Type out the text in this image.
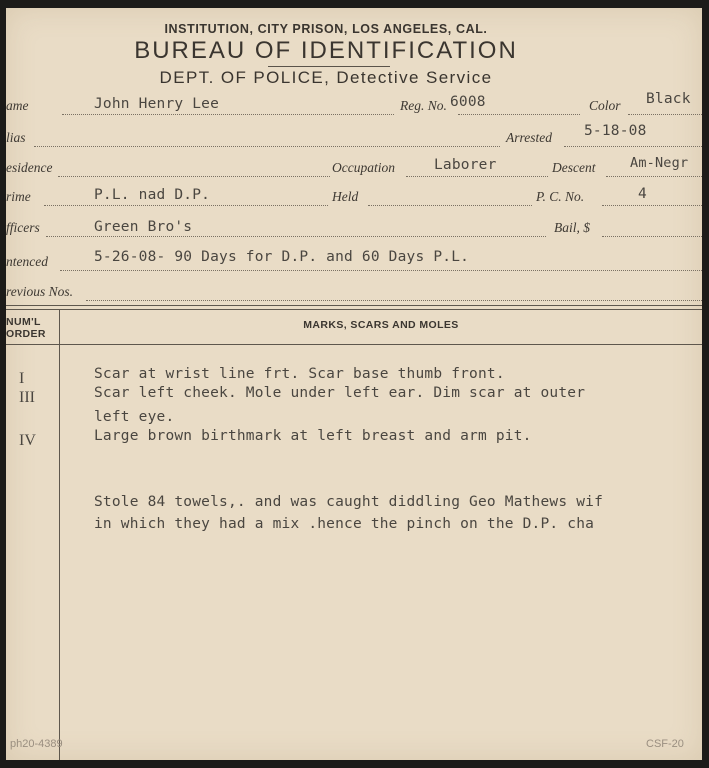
INSTITUTION, CITY PRISON, LOS ANGELES, CAL.
BUREAU OF IDENTIFICATION
DEPT. OF POLICE, Detective Service
ame	John Henry Lee	Reg. No. 6008	Color Black
lias	Arrested 5-18-08
esidence	Occupation	Laborer	Descent	Am-Negr
rime	P.L. nad D.P.	Held	P. C. No.	4
fficers	Green Bro's	Bail, $
ntenced	5-26-08- 90 Days for D.P. and 60 Days P.L.
revious Nos.
NUM'L ORDER
MARKS, SCARS AND MOLES
I	Scar at wrist line frt. Scar base thumb front.
III	Scar left cheek. Mole under left ear. Dim scar at outer
left eye.
IV	Large brown birthmark at left breast and arm pit.
Stole 84 towels,. and was caught diddling Geo Mathews wif
in which they had a mix .hence the pinch on the D.P. cha
ph20-4389	CSF-20
